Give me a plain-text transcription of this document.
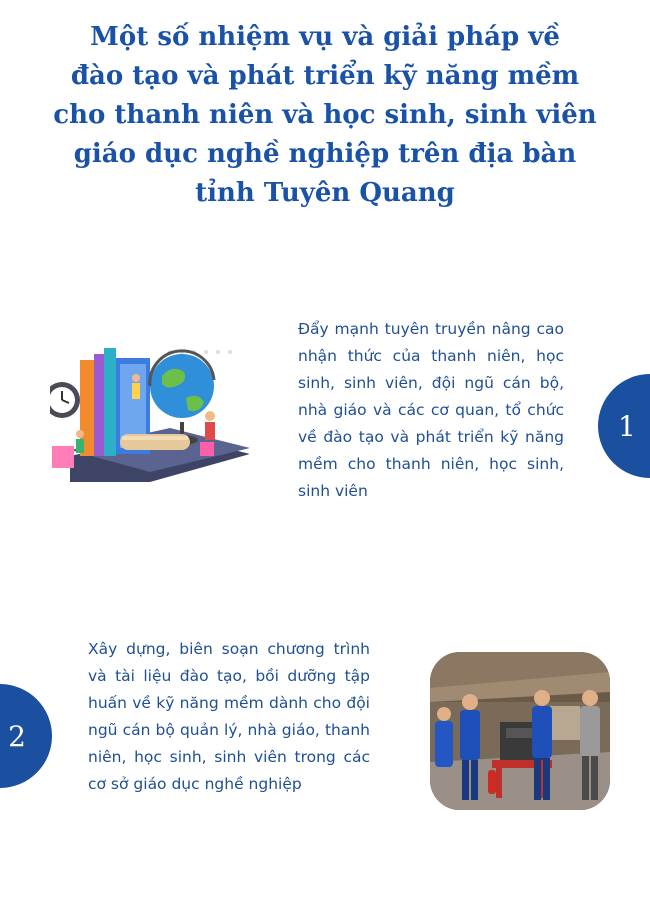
Một số nhiệm vụ và giải pháp về
đào tạo và phát triển kỹ năng mềm
cho thanh niên và học sinh, sinh viên
giáo dục nghề nghiệp trên địa bàn
tỉnh Tuyên Quang

Đẩy mạnh tuyên truyền nâng cao nhận thức của thanh niên, học sinh, sinh viên, đội ngũ cán bộ, nhà giáo và các cơ quan, tổ chức về đào tạo và phát triển kỹ năng mềm cho thanh niên, học sinh, sinh viên

1
2

Xây dựng, biên soạn chương trình và tài liệu đào tạo, bồi dưỡng tập huấn về kỹ năng mềm dành cho đội ngũ cán bộ quản lý, nhà giáo, thanh niên, học sinh, sinh viên trong các cơ sở giáo dục nghề nghiệp
